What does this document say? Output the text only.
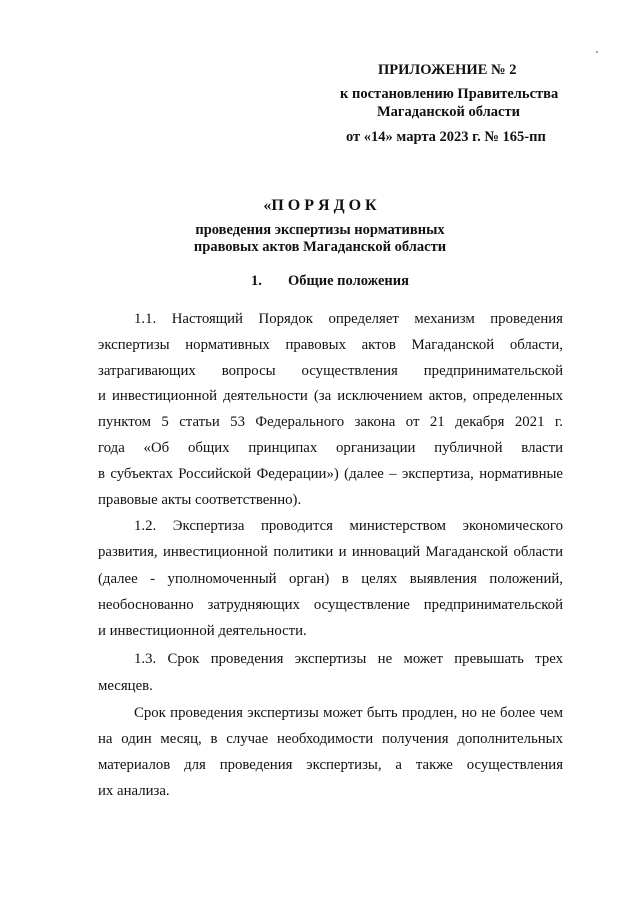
ПРИЛОЖЕНИЕ № 2
к постановлению Правительства
Магаданской области
от «14» марта 2023 г. № 165-пп
«П О Р Я Д О К
проведения экспертизы нормативных
правовых актов Магаданской области
1. Общие положения
1.1. Настоящий Порядок определяет механизм проведения
экспертизы нормативных правовых актов Магаданской области,
затрагивающих вопросы осуществления предпринимательской
и инвестиционной деятельности (за исключением актов, определенных
пунктом 5 статьи 53 Федерального закона от 21 декабря 2021 г.
года «Об общих принципах организации публичной власти
в субъектах Российской Федерации») (далее – экспертиза, нормативные
правовые акты соответственно).
1.2. Экспертиза проводится министерством экономического
развития, инвестиционной политики и инноваций Магаданской области
(далее - уполномоченный орган) в целях выявления положений,
необоснованно затрудняющих осуществление предпринимательской
и инвестиционной деятельности.
1.3. Срок проведения экспертизы не может превышать трех
месяцев.
Срок проведения экспертизы может быть продлен, но не более чем
на один месяц, в случае необходимости получения дополнительных
материалов для проведения экспертизы, а также осуществления
их анализа.
